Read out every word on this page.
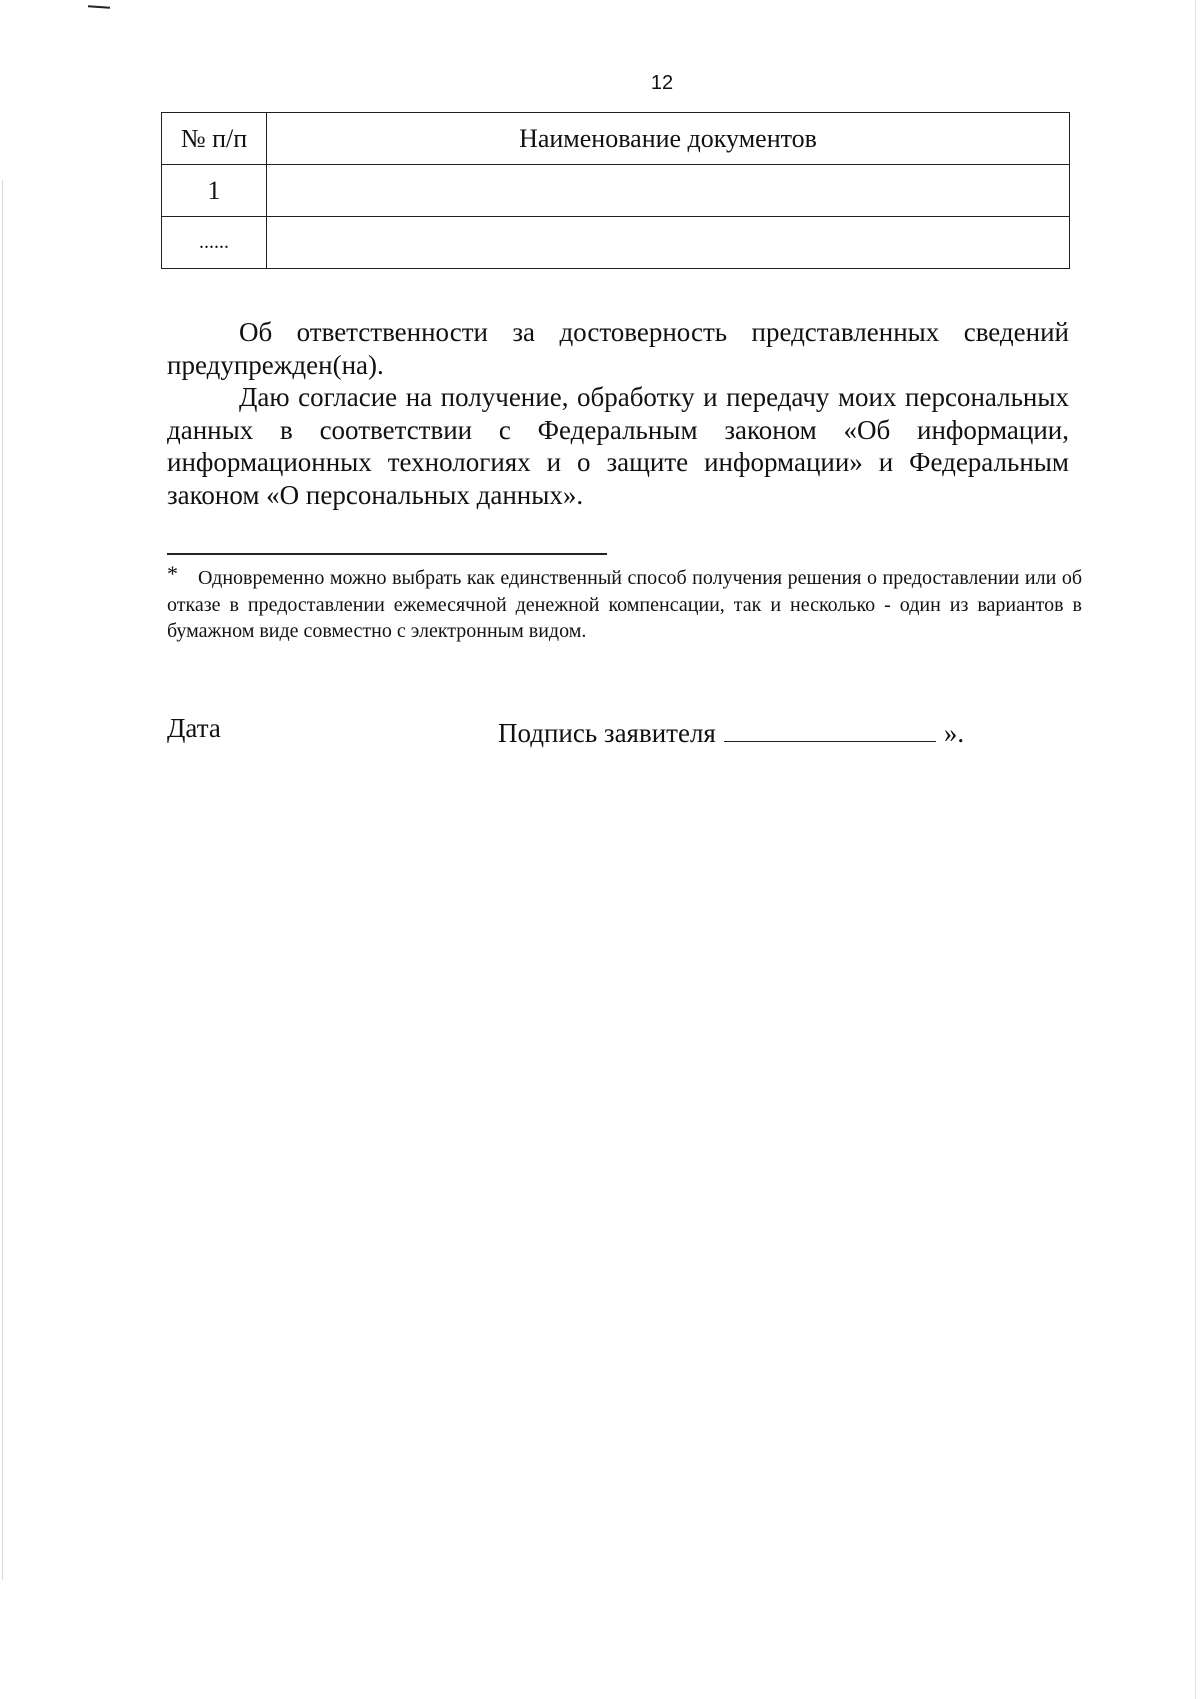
12
№ п/п	Наименование документов
1	
......	

Об ответственности за достоверность представленных сведений предупрежден(на).

Даю согласие на получение, обработку и передачу моих персональных данных в соответствии с Федеральным законом «Об информации, информационных технологиях и о защите информации» и Федеральным законом «О персональных данных».

* Одновременно можно выбрать как единственный способ получения решения о предоставлении или об отказе в предоставлении ежемесячной денежной компенсации, так и несколько - один из вариантов в бумажном виде совместно с электронным видом.
Дата	Подпись заявителя	».
